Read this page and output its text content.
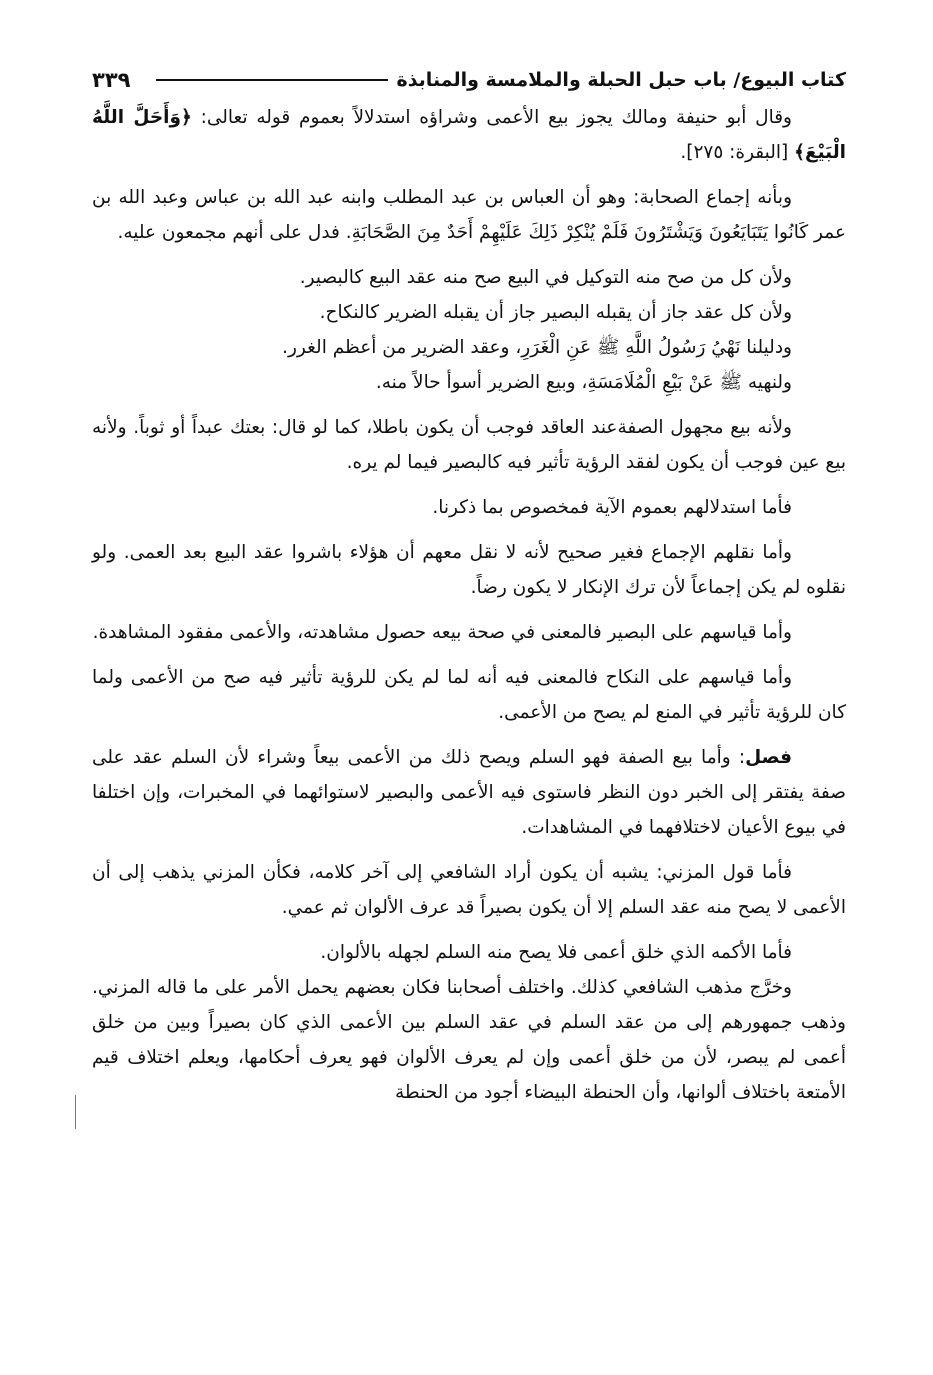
٣٣٩	كتاب البيوع/ باب حبل الحبلة والملامسة والمنابذة

وقال أبو حنيفة ومالك يجوز بيع الأعمى وشراؤه استدلالاً بعموم قوله تعالى: ﴿وَأَحَلَّ اللَّهُ الْبَيْعَ﴾ [البقرة: ٢٧٥].

وبأنه إجماع الصحابة: وهو أن العباس بن عبد المطلب وابنه عبد الله بن عباس وعبد الله بن عمر كَانُوا يَتَبَايَعُونَ وَيَشْتَرُونَ فَلَمْ يُنْكِرْ ذَلِكَ عَلَيْهِمْ أَحَدٌ مِنَ الصَّحَابَةِ. فدل على أنهم مجمعون عليه.

ولأن كل من صح منه التوكيل في البيع صح منه عقد البيع كالبصير.

ولأن كل عقد جاز أن يقبله البصير جاز أن يقبله الضرير كالنكاح.

ودليلنا نَهْيُ رَسُولُ اللَّهِ ﷺ عَنِ الْغَرَرِ، وعقد الضرير من أعظم الغرر.

ولنهيه ﷺ عَنْ بَيْعِ الْمُلَامَسَةِ، وبيع الضرير أسوأ حالاً منه.

ولأنه بيع مجهول الصفةعند العاقد فوجب أن يكون باطلا، كما لو قال: بعتك عبداً أو ثوباً. ولأنه بيع عين فوجب أن يكون لفقد الرؤية تأثير فيه كالبصير فيما لم يره.

فأما استدلالهم بعموم الآية فمخصوص بما ذكرنا.

وأما نقلهم الإجماع فغير صحيح لأنه لا نقل معهم أن هؤلاء باشروا عقد البيع بعد العمى. ولو نقلوه لم يكن إجماعاً لأن ترك الإنكار لا يكون رضاً.

وأما قياسهم على البصير فالمعنى في صحة بيعه حصول مشاهدته، والأعمى مفقود المشاهدة.

وأما قياسهم على النكاح فالمعنى فيه أنه لما لم يكن للرؤية تأثير فيه صح من الأعمى ولما كان للرؤية تأثير في المنع لم يصح من الأعمى.

فصل: وأما بيع الصفة فهو السلم ويصح ذلك من الأعمى بيعاً وشراء لأن السلم عقد على صفة يفتقر إلى الخبر دون النظر فاستوى فيه الأعمى والبصير لاستوائهما في المخبرات، وإن اختلفا في بيوع الأعيان لاختلافهما في المشاهدات.

فأما قول المزني: يشبه أن يكون أراد الشافعي إلى آخر كلامه، فكأن المزني يذهب إلى أن الأعمى لا يصح منه عقد السلم إلا أن يكون بصيراً قد عرف الألوان ثم عمي.

فأما الأكمه الذي خلق أعمى فلا يصح منه السلم لجهله بالألوان.

وخرَّج مذهب الشافعي كذلك. واختلف أصحابنا فكان بعضهم يحمل الأمر على ما قاله المزني. وذهب جمهورهم إلى من عقد السلم في عقد السلم بين الأعمى الذي كان بصيراً وبين من خلق أعمى لم يبصر، لأن من خلق أعمى وإن لم يعرف الألوان فهو يعرف أحكامها، ويعلم اختلاف قيم الأمتعة باختلاف ألوانها، وأن الحنطة البيضاء أجود من الحنطة
